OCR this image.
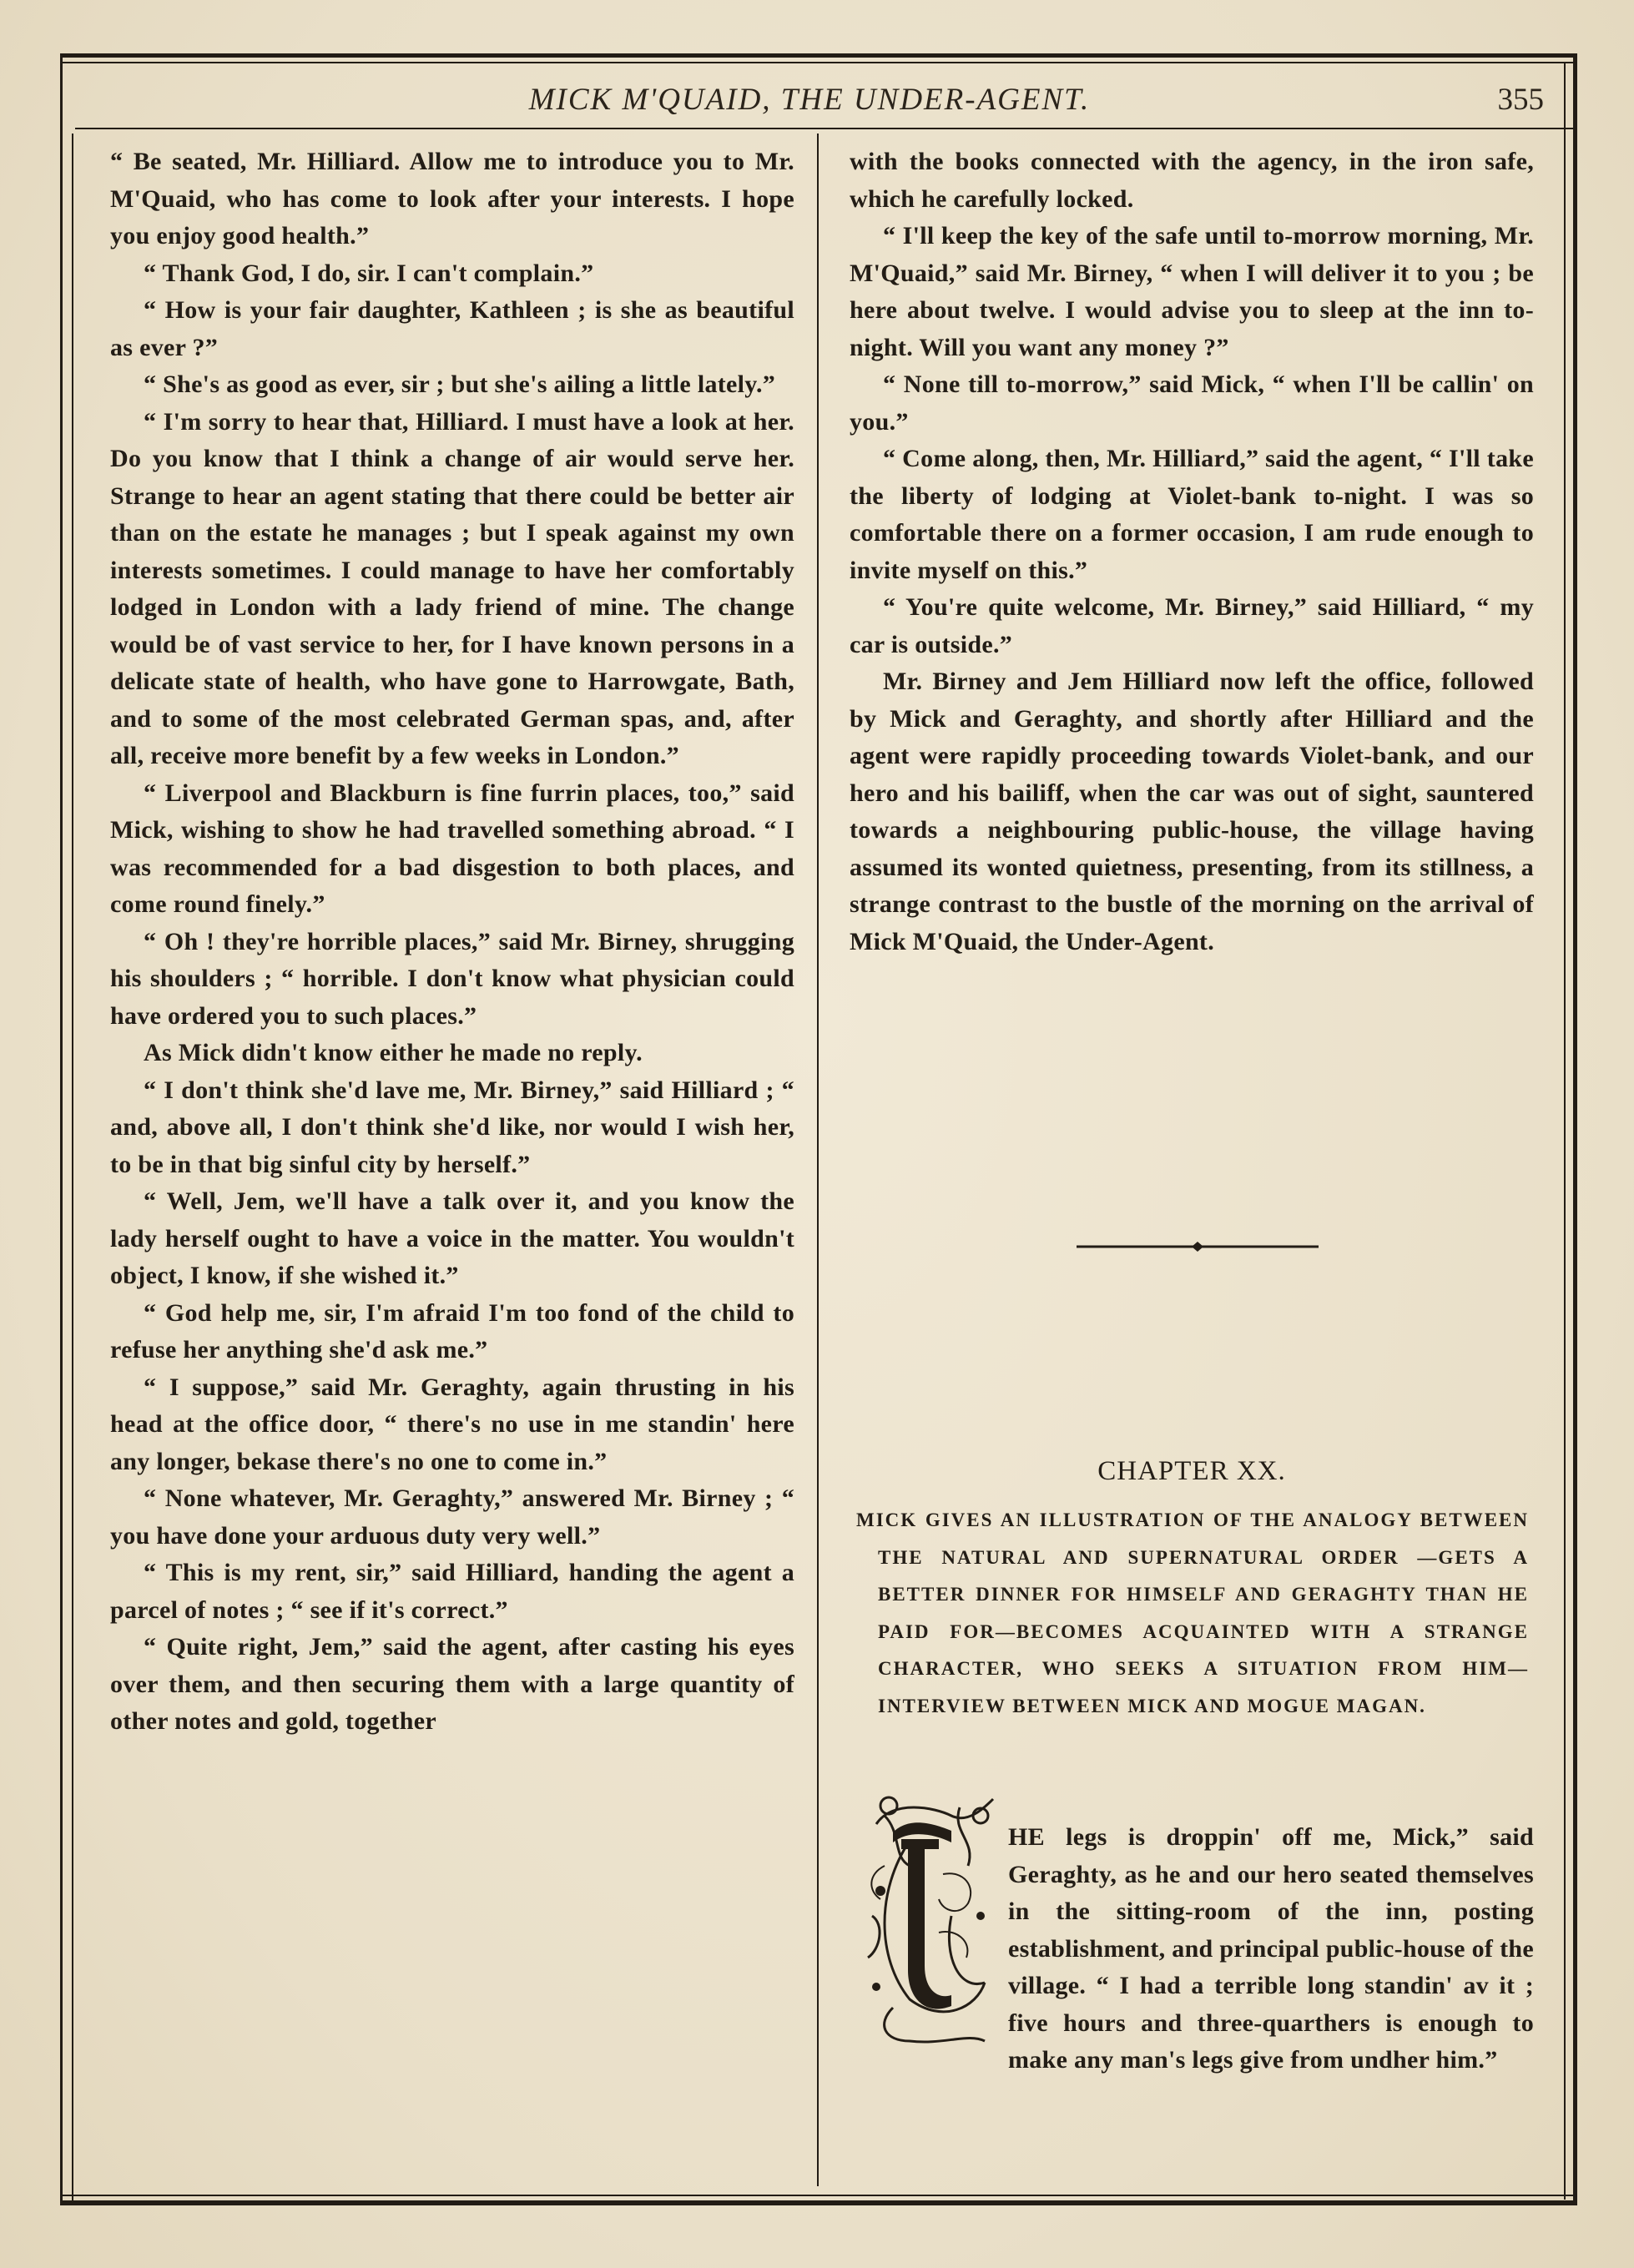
MICK M'QUAID, THE UNDER-AGENT.	355

“ Be seated, Mr. Hilliard. Allow me to introduce you to Mr. M'Quaid, who has come to look after your interests. I hope you enjoy good health.”

“ Thank God, I do, sir. I can't complain.”

“ How is your fair daughter, Kathleen ; is she as beautiful as ever ?”

“ She's as good as ever, sir ; but she's ailing a little lately.”

“ I'm sorry to hear that, Hilliard. I must have a look at her. Do you know that I think a change of air would serve her. Strange to hear an agent stating that there could be better air than on the estate he manages ; but I speak against my own interests sometimes. I could manage to have her comfortably lodged in London with a lady friend of mine. The change would be of vast service to her, for I have known persons in a delicate state of health, who have gone to Harrowgate, Bath, and to some of the most celebrated German spas, and, after all, receive more benefit by a few weeks in London.”

“ Liverpool and Blackburn is fine furrin places, too,” said Mick, wishing to show he had travelled something abroad. “ I was recommended for a bad disgestion to both places, and come round finely.”

“ Oh ! they're horrible places,” said Mr. Birney, shrugging his shoulders ; “ horrible. I don't know what physician could have ordered you to such places.”

As Mick didn't know either he made no reply.

“ I don't think she'd lave me, Mr. Birney,” said Hilliard ; “ and, above all, I don't think she'd like, nor would I wish her, to be in that big sinful city by herself.”

“ Well, Jem, we'll have a talk over it, and you know the lady herself ought to have a voice in the matter. You wouldn't object, I know, if she wished it.”

“ God help me, sir, I'm afraid I'm too fond of the child to refuse her anything she'd ask me.”

“ I suppose,” said Mr. Geraghty, again thrusting in his head at the office door, “ there's no use in me standin' here any longer, bekase there's no one to come in.”

“ None whatever, Mr. Geraghty,” answered Mr. Birney ; “ you have done your arduous duty very well.”

“ This is my rent, sir,” said Hilliard, handing the agent a parcel of notes ; “ see if it's correct.”

“ Quite right, Jem,” said the agent, after casting his eyes over them, and then securing them with a large quantity of other notes and gold, together

with the books connected with the agency, in the iron safe, which he carefully locked.

“ I'll keep the key of the safe until to-morrow morning, Mr. M'Quaid,” said Mr. Birney, “ when I will deliver it to you ; be here about twelve. I would advise you to sleep at the inn to-night. Will you want any money ?”

“ None till to-morrow,” said Mick, “ when I'll be callin' on you.”

“ Come along, then, Mr. Hilliard,” said the agent, “ I'll take the liberty of lodging at Violet-bank to-night. I was so comfortable there on a former occasion, I am rude enough to invite myself on this.”

“ You're quite welcome, Mr. Birney,” said Hilliard, “ my car is outside.”

Mr. Birney and Jem Hilliard now left the office, followed by Mick and Geraghty, and shortly after Hilliard and the agent were rapidly proceeding towards Violet-bank, and our hero and his bailiff, when the car was out of sight, sauntered towards a neighbouring public-house, the village having assumed its wonted quietness, presenting, from its stillness, a strange contrast to the bustle of the morning on the arrival of Mick M'Quaid, the Under-Agent.

CHAPTER XX.

MICK GIVES AN ILLUSTRATION OF THE ANALOGY BETWEEN THE NATURAL AND SUPERNATURAL ORDER —GETS A BETTER DINNER FOR HIMSELF AND GERAGHTY THAN HE PAID FOR—BECOMES ACQUAINTED WITH A STRANGE CHARACTER, WHO SEEKS A SITUATION FROM HIM—INTERVIEW BETWEEN MICK AND MOGUE MAGAN.

HE legs is droppin' off me, Mick,” said Geraghty, as he and our hero seated themselves in the sitting-room of the inn, posting establishment, and principal public-house of the village. “ I had a terrible long standin' av it ; five hours and three-quarthers is enough to make any man's legs give from undher him.”
